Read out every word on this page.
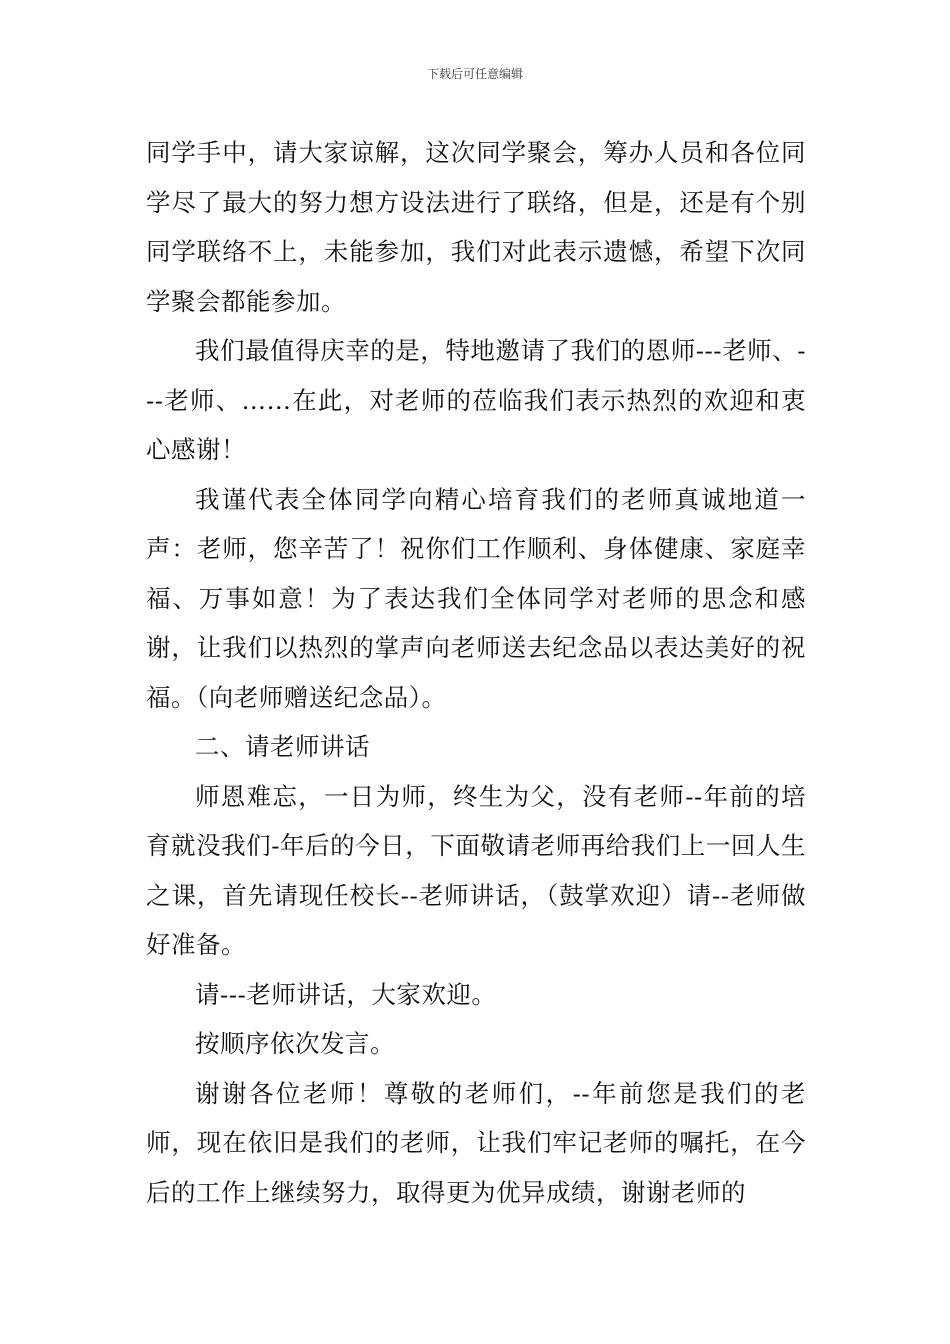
下载后可任意编辑

同学手中，请大家谅解，这次同学聚会，筹办人员和各位同学尽了最大的努力想方设法进行了联络，但是，还是有个别同学联络不上，未能参加，我们对此表示遗憾，希望下次同学聚会都能参加。

我们最值得庆幸的是，特地邀请了我们的恩师---老师、---老师、……在此，对老师的莅临我们表示热烈的欢迎和衷心感谢！

我谨代表全体同学向精心培育我们的老师真诚地道一声：老师，您辛苦了！祝你们工作顺利、身体健康、家庭幸福、万事如意！为了表达我们全体同学对老师的思念和感谢，让我们以热烈的掌声向老师送去纪念品以表达美好的祝福。（向老师赠送纪念品）。

二、请老师讲话

师恩难忘，一日为师，终生为父，没有老师--年前的培育就没我们-年后的今日，下面敬请老师再给我们上一回人生之课，首先请现任校长--老师讲话，（鼓掌欢迎）请--老师做好准备。

请---老师讲话，大家欢迎。

按顺序依次发言。

谢谢各位老师！尊敬的老师们，--年前您是我们的老师，现在依旧是我们的老师，让我们牢记老师的嘱托，在今后的工作上继续努力，取得更为优异成绩，谢谢老师的
